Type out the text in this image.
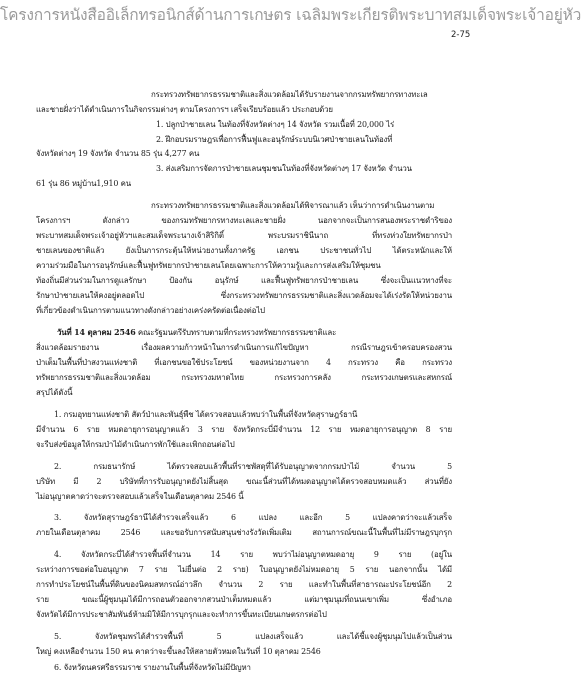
โครงการหนังสืออิเล็กทรอนิกส์ด้านการเกษตร เฉลิมพระเกียรติพระบาทสมเด็จพระเจ้าอยู่หัว
2-75
กระทรวงทรัพยากรธรรมชาติและสิ่งแวดล้อมได้รับรายงานจากกรมทรัพยากรทางทะเล
และชายฝั่งว่าได้ดำเนินการในกิจกรรมต่างๆ ตามโครงการฯ เสร็จเรียบร้อยแล้ว ประกอบด้วย
1. ปลูกป่าชายเลน ในท้องที่จังหวัดต่างๆ 14 จังหวัด รวมเนื้อที่ 20,000 ไร่
2. ฝึกอบรมราษฎรเพื่อการฟื้นฟูและอนุรักษ์ระบบนิเวศป่าชายเลนในท้องที่
จังหวัดต่างๆ 19 จังหวัด จำนวน 85 รุ่น 4,277 คน
3. ส่งเสริมการจัดการป่าชายเลนชุมชนในท้องที่จังหวัดต่างๆ 17 จังหวัด จำนวน
61 รุ่น 86 หมู่บ้าน1,910 คน
กระทรวงทรัพยากรธรรมชาติและสิ่งแวดล้อมได้พิจารณาแล้ว เห็นว่าการดำเนินงานตาม
โครงการฯ ดังกล่าว ของกรมทรัพยากรทางทะเลและชายฝั่ง นอกจากจะเป็นการสนองพระราชดำริของ
พระบาทสมเด็จพระเจ้าอยู่หัวฯและสมเด็จพระนางเจ้าสิริกิติ์ พระบรมราชินีนาถ ที่ทรงห่วงใยทรัพยากรป่า
ชายเลนของชาติแล้ว ยังเป็นการกระตุ้นให้หน่วยงานทั้งภาครัฐ เอกชน ประชาชนทั่วไป ได้ตระหนักและให้
ความร่วมมือในการอนุรักษ์และฟื้นฟูทรัพยากรป่าชายเลนโดยเฉพาะการให้ความรู้และการส่งเสริมให้ชุมชน
ท้องถิ่นมีส่วนร่วมในการดูแลรักษา ป้องกัน อนุรักษ์ และฟื้นฟูทรัพยากรป่าชายเลน ซึ่งจะเป็นแนวทางที่จะ
รักษาป่าชายเลนให้คงอยู่ตลอดไป ซึ่งกระทรวงทรัพยากรธรรมชาติและสิ่งแวดล้อมจะได้เร่งรัดให้หน่วยงาน
ที่เกี่ยวข้องดำเนินการตามแนวทางดังกล่าวอย่างเคร่งครัดต่อเนื่องต่อไป
วันที่ 14 ตุลาคม 2546 คณะรัฐมนตรีรับทราบตามที่กระทรวงทรัพยากรธรรมชาติและ
สิ่งแวดล้อมรายงาน เรื่องผลความก้าวหน้าในการดำเนินการแก้ไขปัญหา กรณีราษฎรเข้าครอบครองสวน
ป่าเต็มในพื้นที่ป่าสงวนแห่งชาติ ที่เอกชนขอใช้ประโยชน์ ของหน่วยงานจาก 4 กระทรวง คือ กระทรวง
ทรัพยากรธรรมชาติและสิ่งแวดล้อม กระทรวงมหาดไทย กระทรวงการคลัง กระทรวงเกษตรและสหกรณ์
สรุปได้ดังนี้
1. กรมอุทยานแห่งชาติ สัตว์ป่าและพันธุ์พืช ได้ตรวจสอบแล้วพบว่าในพื้นที่จังหวัดสุราษฎร์ธานี
มีจำนวน 6 ราย หมดอายุการอนุญาตแล้ว 3 ราย จังหวัดกระบี่มีจำนวน 12 ราย หมดอายุการอนุญาต 8 ราย
จะรีบส่งข้อมูลให้กรมป่าไม้ดำเนินการพักใช้และเพิกถอนต่อไป
2. กรมธนารักษ์ ได้ตรวจสอบแล้วพื้นที่ราชพัสดุที่ได้รับอนุญาตจากกรมป่าไม้ จำนวน 5
บริษัท มี 2 บริษัทที่การรับอนุญาตยังไม่สิ้นสุด ขณะนี้ส่วนที่ได้หมดอนุญาตได้ตรวจสอบหมดแล้ว ส่วนที่ยัง
ไม่อนุญาตคาดว่าจะตรวจสอบแล้วเสร็จในเดือนตุลาคม 2546 นี้
3. จังหวัดสุราษฎร์ธานีได้สำรวจเสร็จแล้ว 6 แปลง และอีก 5 แปลงคาดว่าจะแล้วเสร็จ
ภายในเดือนตุลาคม 2546 และขอรับการสนับสนุนช่างรังวัดเพิ่มเติม สถานการณ์ขณะนี้ในพื้นที่ไม่มีราษฎรบุกรุก
4. จังหวัดกระบี่ได้สำรวจพื้นที่จำนวน 14 ราย พบว่าไม่อนุญาตหมดอายุ 9 ราย (อยู่ใน
ระหว่างการขอต่อใบอนุญาต 7 ราย ไม่ยื่นต่อ 2 ราย) ใบอนุญาตยังไม่หมดอายุ 5 ราย นอกจากนั้น ได้มี
การทำประโยชน์ในพื้นที่ดินของนิคมสหกรณ์อ่าวลึก จำนวน 2 ราย และทำในพื้นที่สาธารณะประโยชน์อีก 2
ราย ขณะนี้ผู้ชุมนุมได้มีการถอนตัวออกจากสวนป่าเต็มหมดแล้ว แต่มาชุมนุมที่ถนนเขาเพิ่ม ซึ่งอำเภอ
จังหวัดได้มีการประชาสัมพันธ์ห้ามมิให้มีการบุกรุกและจะทำการขึ้นทะเบียนเกษตรกรต่อไป
5. จังหวัดชุมพรได้สำรวจพื้นที่ 5 แปลงเสร็จแล้ว และได้ชี้แจงผู้ชุมนุมไปแล้วเป็นส่วน
ใหญ่ คงเหลือจำนวน 150 คน คาดว่าจะขึ้นลงให้สลายตัวหมดในวันที่ 10 ตุลาคม 2546
6. จังหวัดนครศรีธรรมราช รายงานในพื้นที่จังหวัดไม่มีปัญหา
